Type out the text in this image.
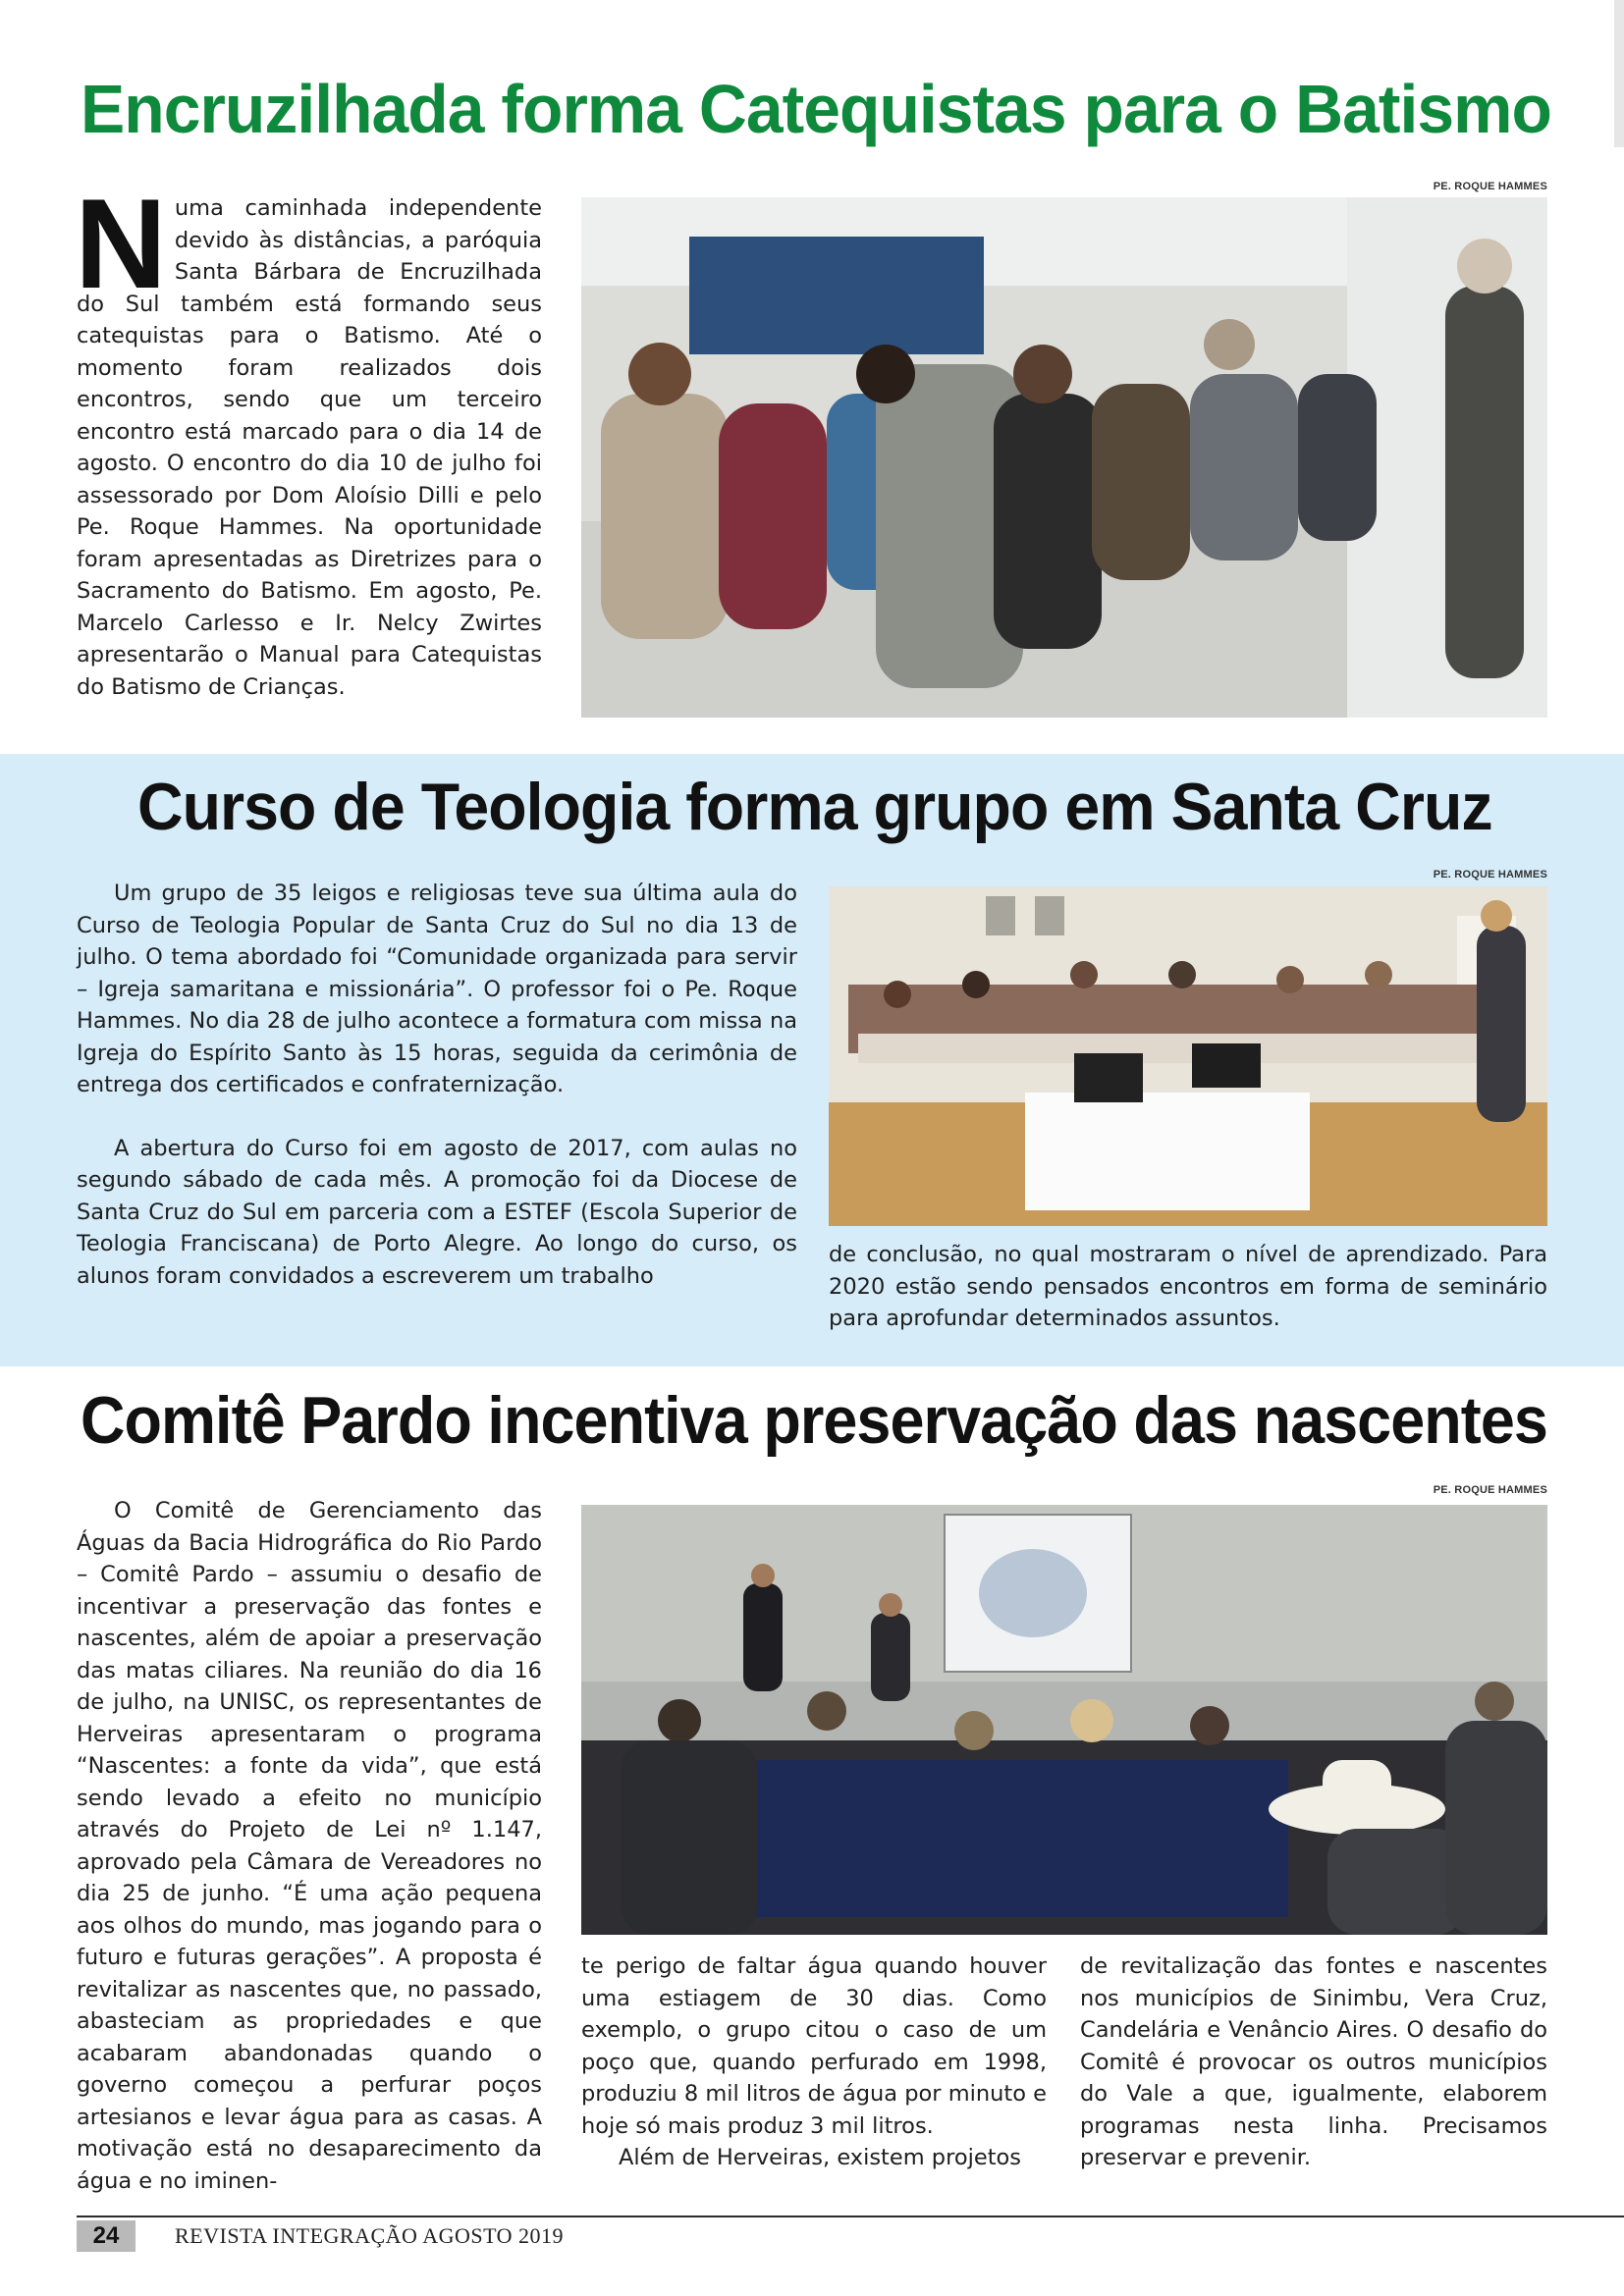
Encruzilhada forma Catequistas para o Batismo

Numa caminhada independente devido às distâncias, a paróquia Santa Bárbara de Encruzilhada do Sul também está formando seus catequistas para o Batismo. Até o momento foram realizados dois encontros, sendo que um terceiro encontro está marcado para o dia 14 de agosto. O encontro do dia 10 de julho foi assessorado por Dom Aloísio Dilli e pelo Pe. Roque Hammes. Na oportunidade foram apresentadas as Diretrizes para o Sacramento do Batismo. Em agosto, Pe. Marcelo Carlesso e Ir. Nelcy Zwirtes apresentarão o Manual para Catequistas do Batismo de Crianças.

PE. ROQUE HAMMES
Curso de Teologia forma grupo em Santa Cruz
PE. ROQUE HAMMES

Um grupo de 35 leigos e religiosas teve sua última aula do Curso de Teologia Popular de Santa Cruz do Sul no dia 13 de julho. O tema abordado foi “Comunidade organizada para servir – Igreja samaritana e missionária”. O professor foi o Pe. Roque Hammes. No dia 28 de julho acontece a formatura com missa na Igreja do Espírito Santo às 15 horas, seguida da cerimônia de entrega dos certificados e confraternização.

A abertura do Curso foi em agosto de 2017, com aulas no segundo sábado de cada mês. A promoção foi da Diocese de Santa Cruz do Sul em parceria com a ESTEF (Escola Superior de Teologia Franciscana) de Porto Alegre. Ao longo do curso, os alunos foram convidados a escreverem um trabalho

de conclusão, no qual mostraram o nível de aprendizado. Para 2020 estão sendo pensados encontros em forma de seminário para aprofundar determinados assuntos.
Comitê Pardo incentiva preservação das nascentes

O Comitê de Gerenciamento das Águas da Bacia Hidrográfica do Rio Pardo – Comitê Pardo – assumiu o desafio de incentivar a preservação das fontes e nascentes, além de apoiar a preservação das matas ciliares. Na reunião do dia 16 de julho, na UNISC, os representantes de Herveiras apresentaram o programa “Nascentes: a fonte da vida”, que está sendo levado a efeito no município através do Projeto de Lei nº 1.147, aprovado pela Câmara de Vereadores no dia 25 de junho. “É uma ação pequena aos olhos do mundo, mas jogando para o futuro e futuras gerações”. A proposta é revitalizar as nascentes que, no passado, abasteciam as propriedades e que acabaram abandonadas quando o governo começou a perfurar poços artesianos e levar água para as casas. A motivação está no desaparecimento da água e no iminen-

PE. ROQUE HAMMES

te perigo de faltar água quando houver uma estiagem de 30 dias. Como exemplo, o grupo citou o caso de um poço que, quando perfurado em 1998, produziu 8 mil litros de água por minuto e hoje só mais produz 3 mil litros.

Além de Herveiras, existem projetos

de revitalização das fontes e nascentes nos municípios de Sinimbu, Vera Cruz, Candelária e Venâncio Aires. O desafio do Comitê é provocar os outros municípios do Vale a que, igualmente, elaborem programas nesta linha. Precisamos preservar e prevenir.

24	REVISTA INTEGRAÇÃO AGOSTO 2019
